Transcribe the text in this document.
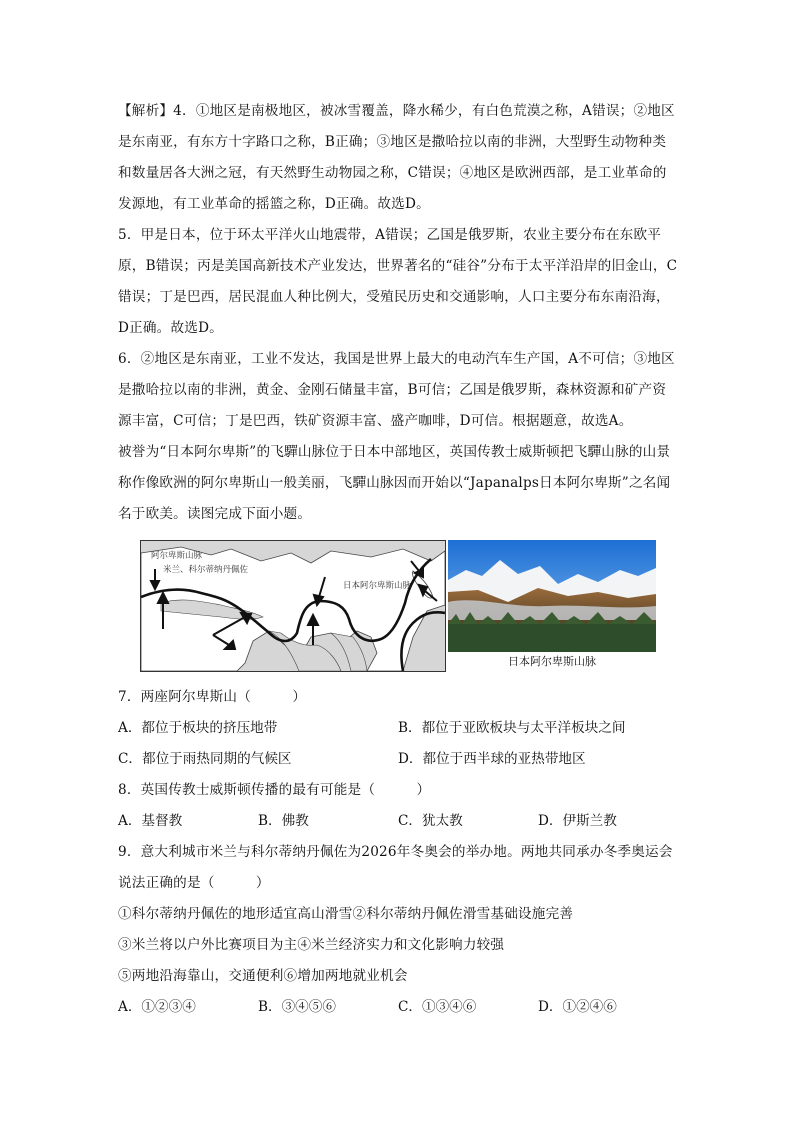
【解析】4．①地区是南极地区，被冰雪覆盖，降水稀少，有白色荒漠之称，A错误；②地区是东南亚，有东方十字路口之称，B正确；③地区是撒哈拉以南的非洲，大型野生动物种类和数量居各大洲之冠，有天然野生动物园之称，C错误；④地区是欧洲西部，是工业革命的发源地，有工业革命的摇篮之称，D正确。故选D。

5．甲是日本，位于环太平洋火山地震带，A错误；乙国是俄罗斯，农业主要分布在东欧平原，B错误；丙是美国高新技术产业发达，世界著名的“硅谷”分布于太平洋沿岸的旧金山，C错误；丁是巴西，居民混血人种比例大，受殖民历史和交通影响，人口主要分布东南沿海，D正确。故选D。

6．②地区是东南亚，工业不发达，我国是世界上最大的电动汽车生产国，A不可信；③地区是撒哈拉以南的非洲，黄金、金刚石储量丰富，B可信；乙国是俄罗斯，森林资源和矿产资源丰富，C可信；丁是巴西，铁矿资源丰富、盛产咖啡，D可信。根据题意，故选A。

被誉为“日本阿尔卑斯”的飞驒山脉位于日本中部地区，英国传教士威斯顿把飞驒山脉的山景称作像欧洲的阿尔卑斯山一般美丽，飞驒山脉因而开始以“Japanalps日本阿尔卑斯”之名闻名于欧美。读图完成下面小题。

阿尔卑斯山脉
米兰、科尔蒂纳丹佩佐
日本阿尔卑斯山脉
日本阿尔卑斯山脉

7．两座阿尔卑斯山（　　　）

A．都位于板块的挤压地带	B．都位于亚欧板块与太平洋板块之间
C．都位于雨热同期的气候区	D．都位于西半球的亚热带地区

8．英国传教士威斯顿传播的最有可能是（　　　）

A．基督教	B．佛教	C．犹太教	D．伊斯兰教

9．意大利城市米兰与科尔蒂纳丹佩佐为2026年冬奥会的举办地。两地共同承办冬季奥运会说法正确的是（　　　）

①科尔蒂纳丹佩佐的地形适宜高山滑雪②科尔蒂纳丹佩佐滑雪基础设施完善

③米兰将以户外比赛项目为主④米兰经济实力和文化影响力较强

⑤两地沿海靠山，交通便利⑥增加两地就业机会

A．①②③④	B．③④⑤⑥	C．①③④⑥	D．①②④⑥
